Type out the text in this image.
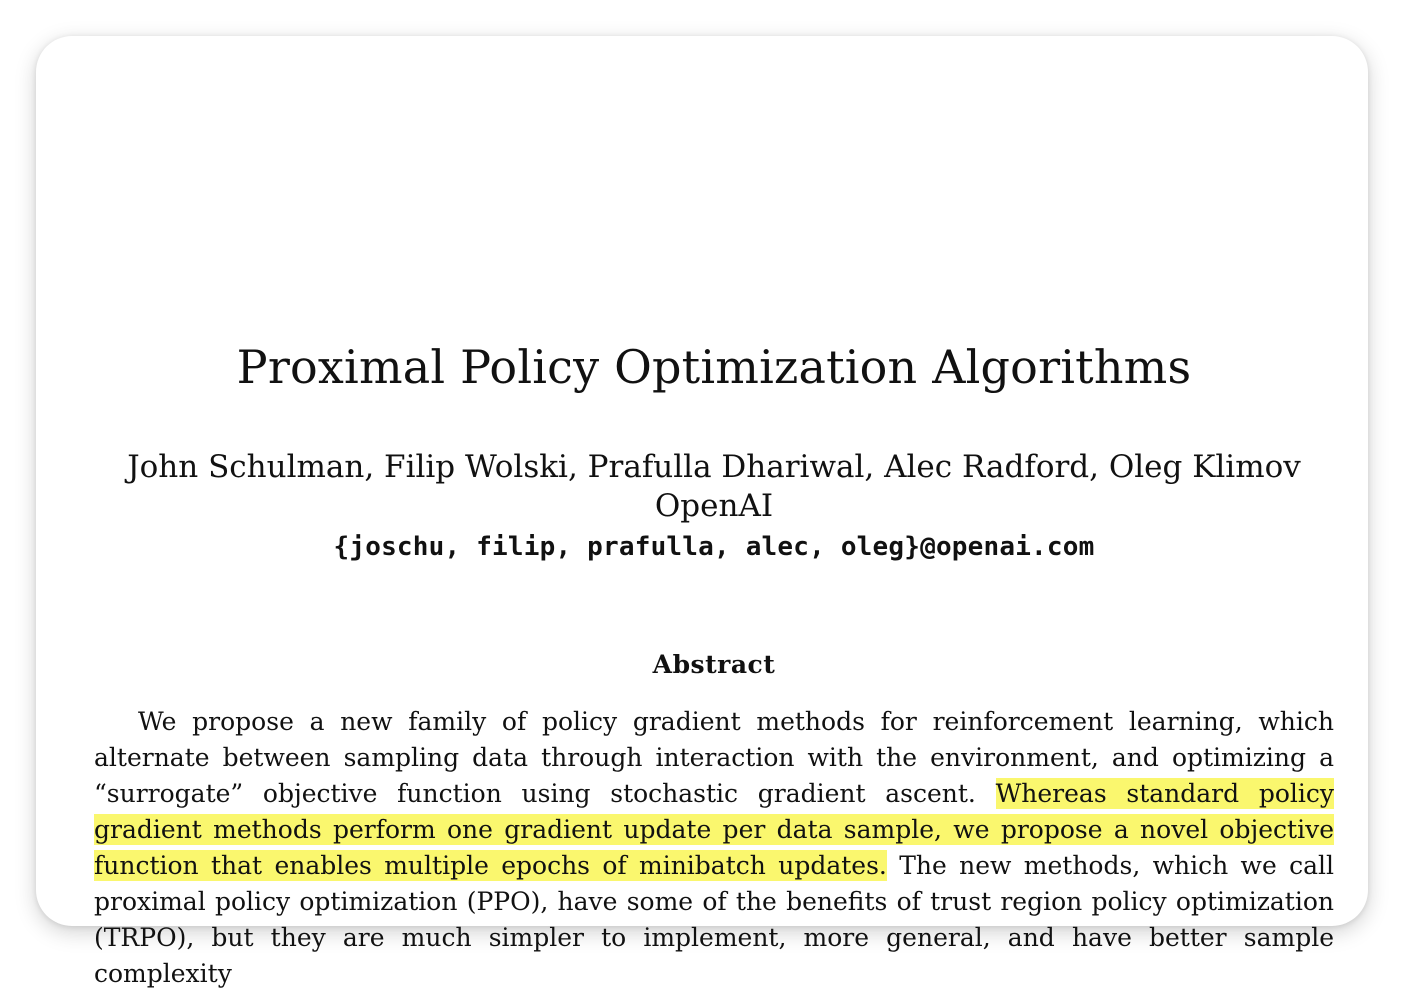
Proximal Policy Optimization Algorithms
John Schulman, Filip Wolski, Prafulla Dhariwal, Alec Radford, Oleg Klimov
OpenAI
{joschu, filip, prafulla, alec, oleg}@openai.com
Abstract

We propose a new family of policy gradient methods for reinforcement learning, which alternate between sampling data through interaction with the environment, and optimizing a “surrogate” objective function using stochastic gradient ascent. Whereas standard policy gradient methods perform one gradient update per data sample, we propose a novel objective function that enables multiple epochs of minibatch updates. The new methods, which we call proximal policy optimization (PPO), have some of the benefits of trust region policy optimization (TRPO), but they are much simpler to implement, more general, and have better sample complexity
